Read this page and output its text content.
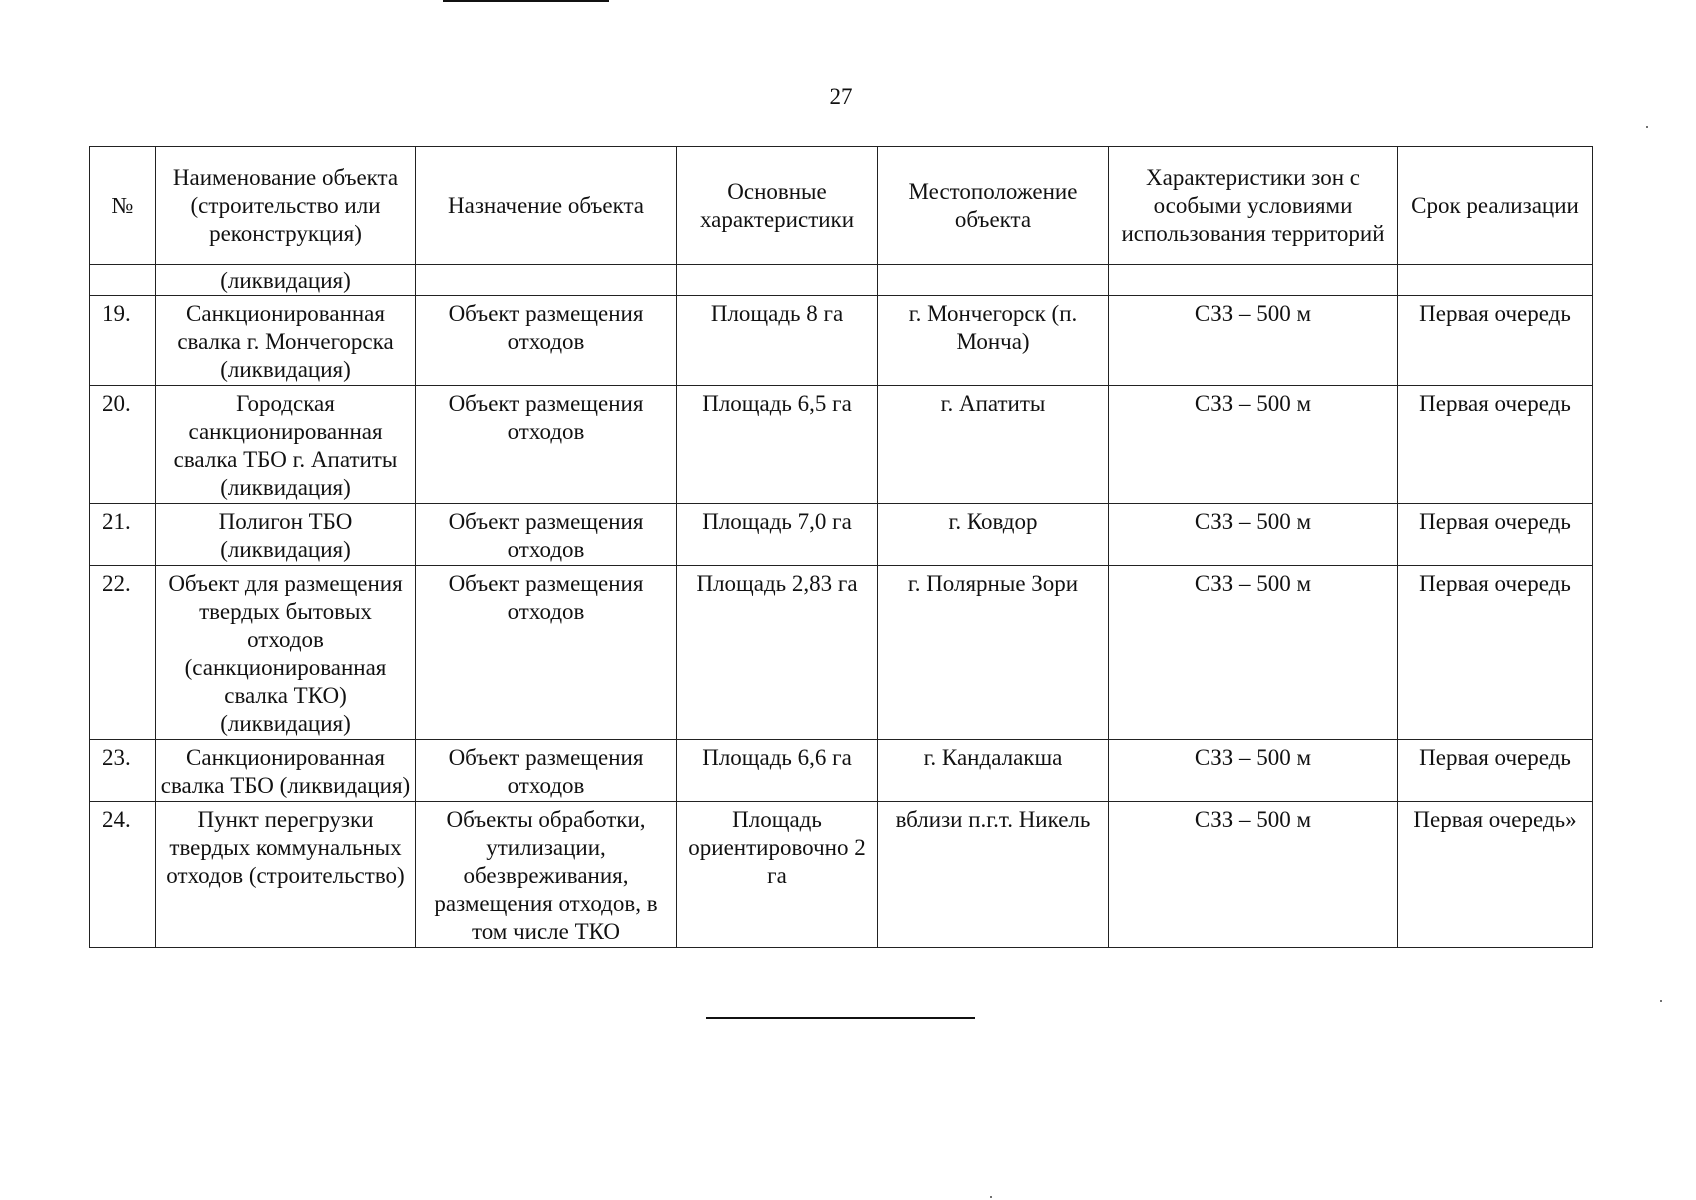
27
№	Наименование объекта (строительство или реконструкция)	Назначение объекта	Основные характеристики	Местоположение объекта	Характеристики зон с особыми условиями использования территорий	Срок реализации
	(ликвидация)					
19.	Санкционированная свалка г. Мончегорска (ликвидация)	Объект размещения отходов	Площадь 8 га	г. Мончегорск (п. Монча)	СЗЗ – 500 м	Первая очередь
20.	Городская санкционированная свалка ТБО г. Апатиты (ликвидация)	Объект размещения отходов	Площадь 6,5 га	г. Апатиты	СЗЗ – 500 м	Первая очередь
21.	Полигон ТБО (ликвидация)	Объект размещения отходов	Площадь 7,0 га	г. Ковдор	СЗЗ – 500 м	Первая очередь
22.	Объект для размещения твердых бытовых отходов (санкционированная свалка ТКО) (ликвидация)	Объект размещения отходов	Площадь 2,83 га	г. Полярные Зори	СЗЗ – 500 м	Первая очередь
23.	Санкционированная свалка ТБО (ликвидация)	Объект размещения отходов	Площадь 6,6 га	г. Кандалакша	СЗЗ – 500 м	Первая очередь
24.	Пункт перегрузки твердых коммунальных отходов (строительство)	Объекты обработки, утилизации, обезвреживания, размещения отходов, в том числе ТКО	Площадь ориентировочно 2 га	вблизи п.г.т. Никель	СЗЗ – 500 м	Первая очередь»
